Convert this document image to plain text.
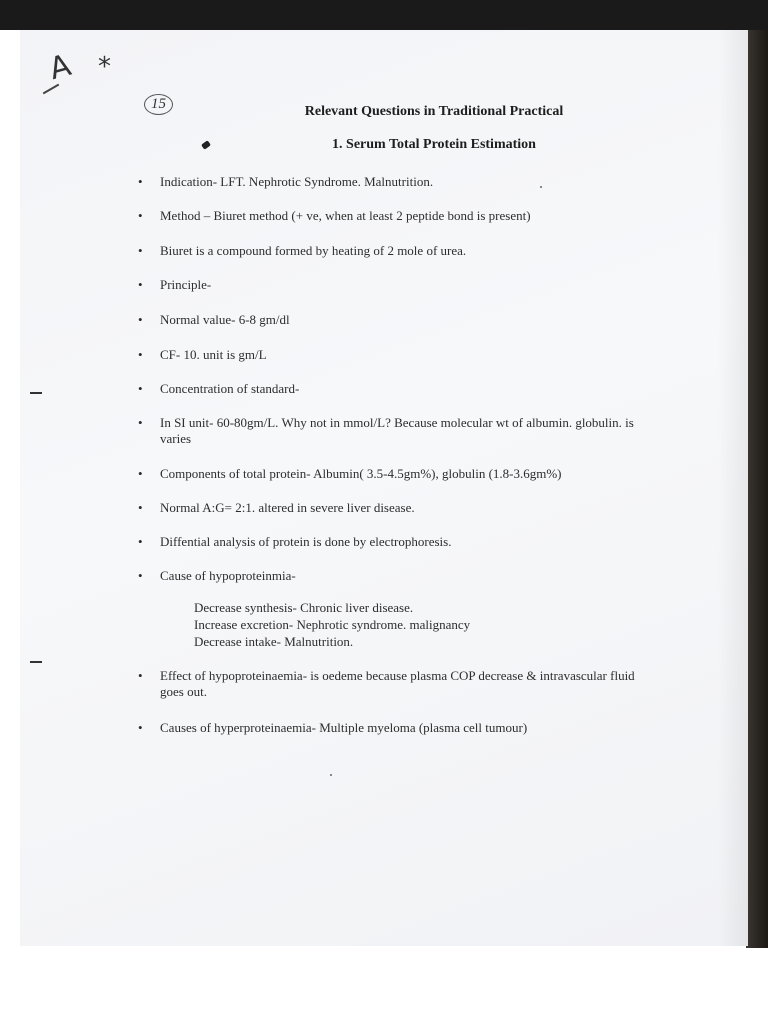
A *
15	Relevant Questions in Traditional Practical
1. Serum Total Protein Estimation
• Indication- LFT. Nephrotic Syndrome. Malnutrition.
• Method – Biuret method (+ ve, when at least 2 peptide bond is present)
• Biuret is a compound formed by heating of 2 mole of urea.
• Principle-
• Normal value- 6-8 gm/dl
• CF- 10. unit is gm/L
• Concentration of standard-
• In SI unit- 60-80gm/L. Why not in mmol/L? Because molecular wt of albumin. globulin. is varies
• Components of total protein- Albumin( 3.5-4.5gm%), globulin (1.8-3.6gm%)
• Normal A:G= 2:1. altered in severe liver disease.
• Diffential analysis of protein is done by electrophoresis.
• Cause of hypoproteinmia-
• Effect of hypoproteinaemia- is oedeme because plasma COP decrease & intravascular fluid goes out.
• Causes of hyperproteinaemia- Multiple myeloma (plasma cell tumour)
Decrease synthesis- Chronic liver disease.
Increase excretion- Nephrotic syndrome. malignancy
Decrease intake- Malnutrition.
